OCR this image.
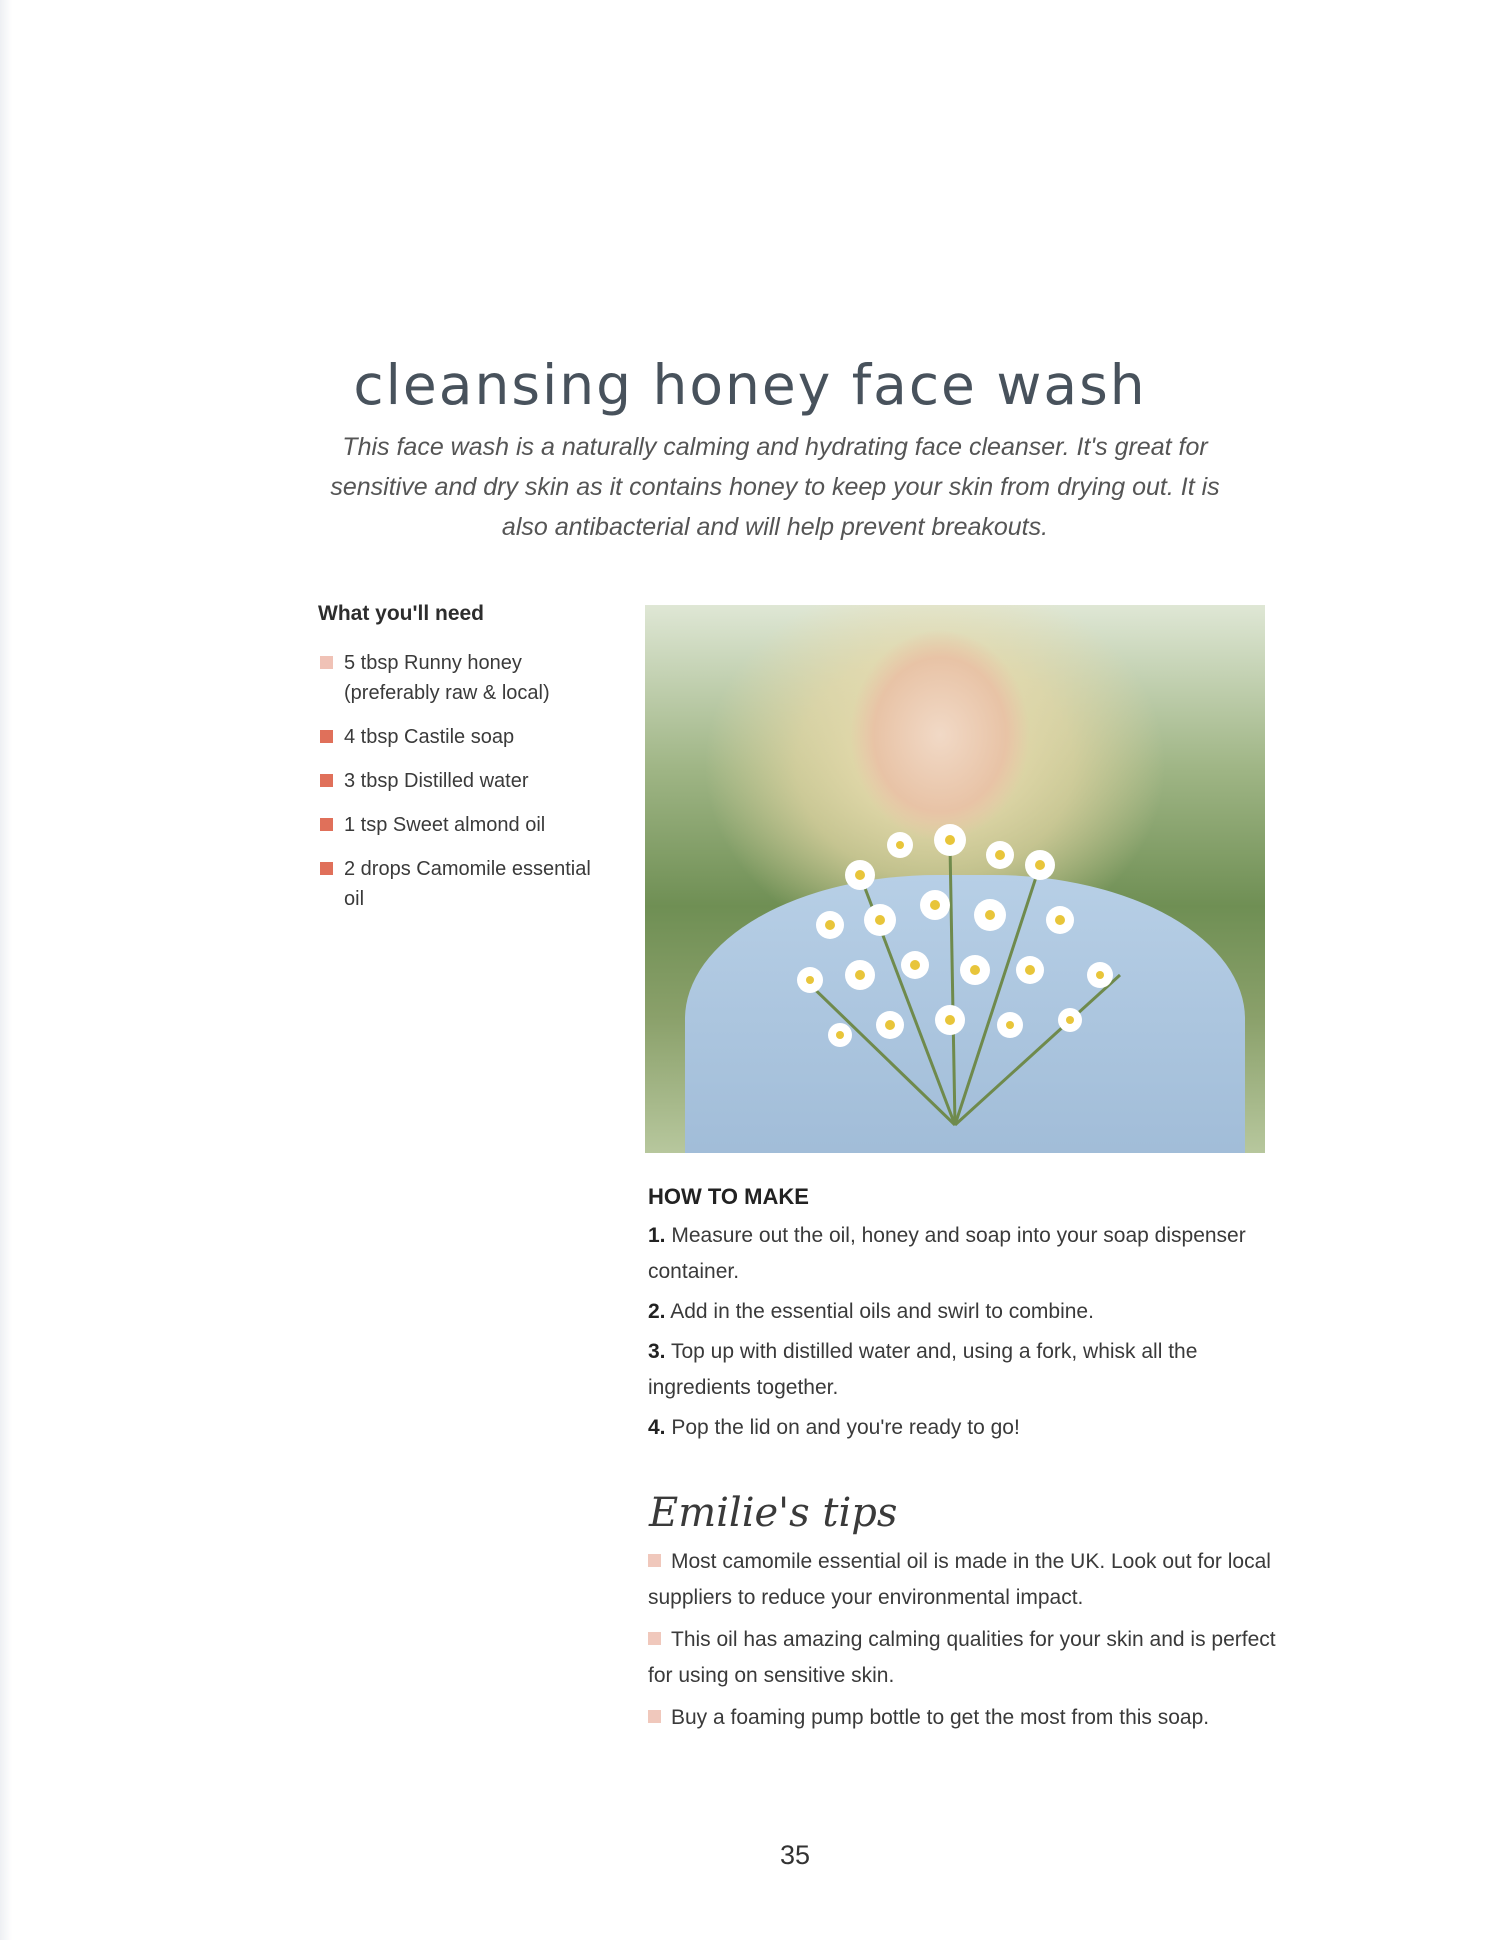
cleansing honey face wash

This face wash is a naturally calming and hydrating face cleanser. It's great for sensitive and dry skin as it contains honey to keep your skin from drying out. It is also antibacterial and will help prevent breakouts.

What you'll need
5 tbsp Runny honey (preferably raw & local)
4 tbsp Castile soap
3 tbsp Distilled water
1 tsp Sweet almond oil
2 drops Camomile essential oil
HOW TO MAKE
1. Measure out the oil, honey and soap into your soap dispenser container.
2. Add in the essential oils and swirl to combine.
3. Top up with distilled water and, using a fork, whisk all the ingredients together.
4. Pop the lid on and you're ready to go!
Emilie's tips
Most camomile essential oil is made in the UK. Look out for local suppliers to reduce your environmental impact.
This oil has amazing calming qualities for your skin and is perfect for using on sensitive skin.
Buy a foaming pump bottle to get the most from this soap.
35
